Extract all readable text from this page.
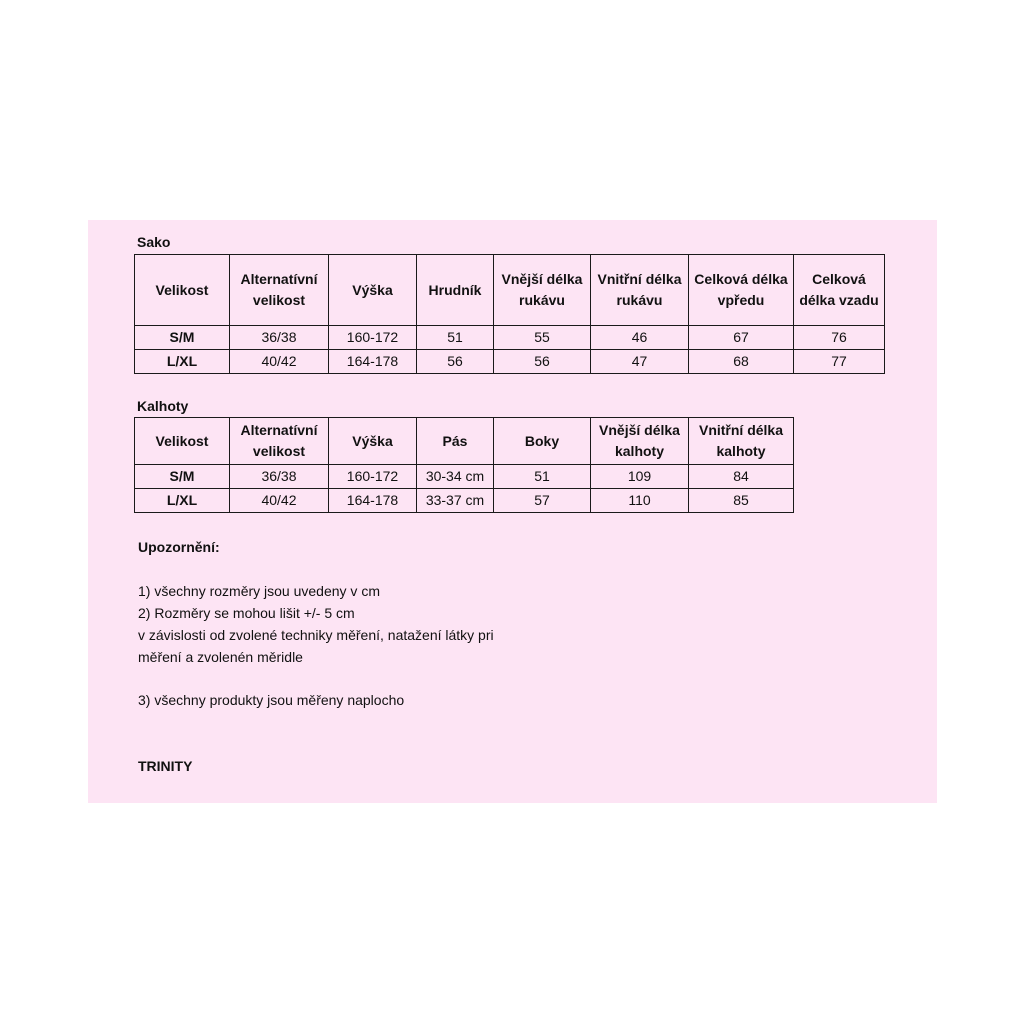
Sako
Velikost	Alternatívní velikost	Výška	Hrudník	Vnější délka rukávu	Vnitřní délka rukávu	Celková délka vpředu	Celková délka vzadu
S/M	36/38	160-172	51	55	46	67	76
L/XL	40/42	164-178	56	56	47	68	77
Kalhoty
Velikost	Alternatívní velikost	Výška	Pás	Boky	Vnější délka kalhoty	Vnitřní délka kalhoty
S/M	36/38	160-172	30-34 cm	51	109	84
L/XL	40/42	164-178	33-37 cm	57	110	85
Upozornění:
1) všechny rozměry jsou uvedeny v cm
2) Rozměry se mohou lišit +/- 5 cm
v závislosti od zvolené techniky měření, natažení látky pri
měření a zvolenén měridle
3) všechny produkty jsou měřeny naplocho
TRINITY
